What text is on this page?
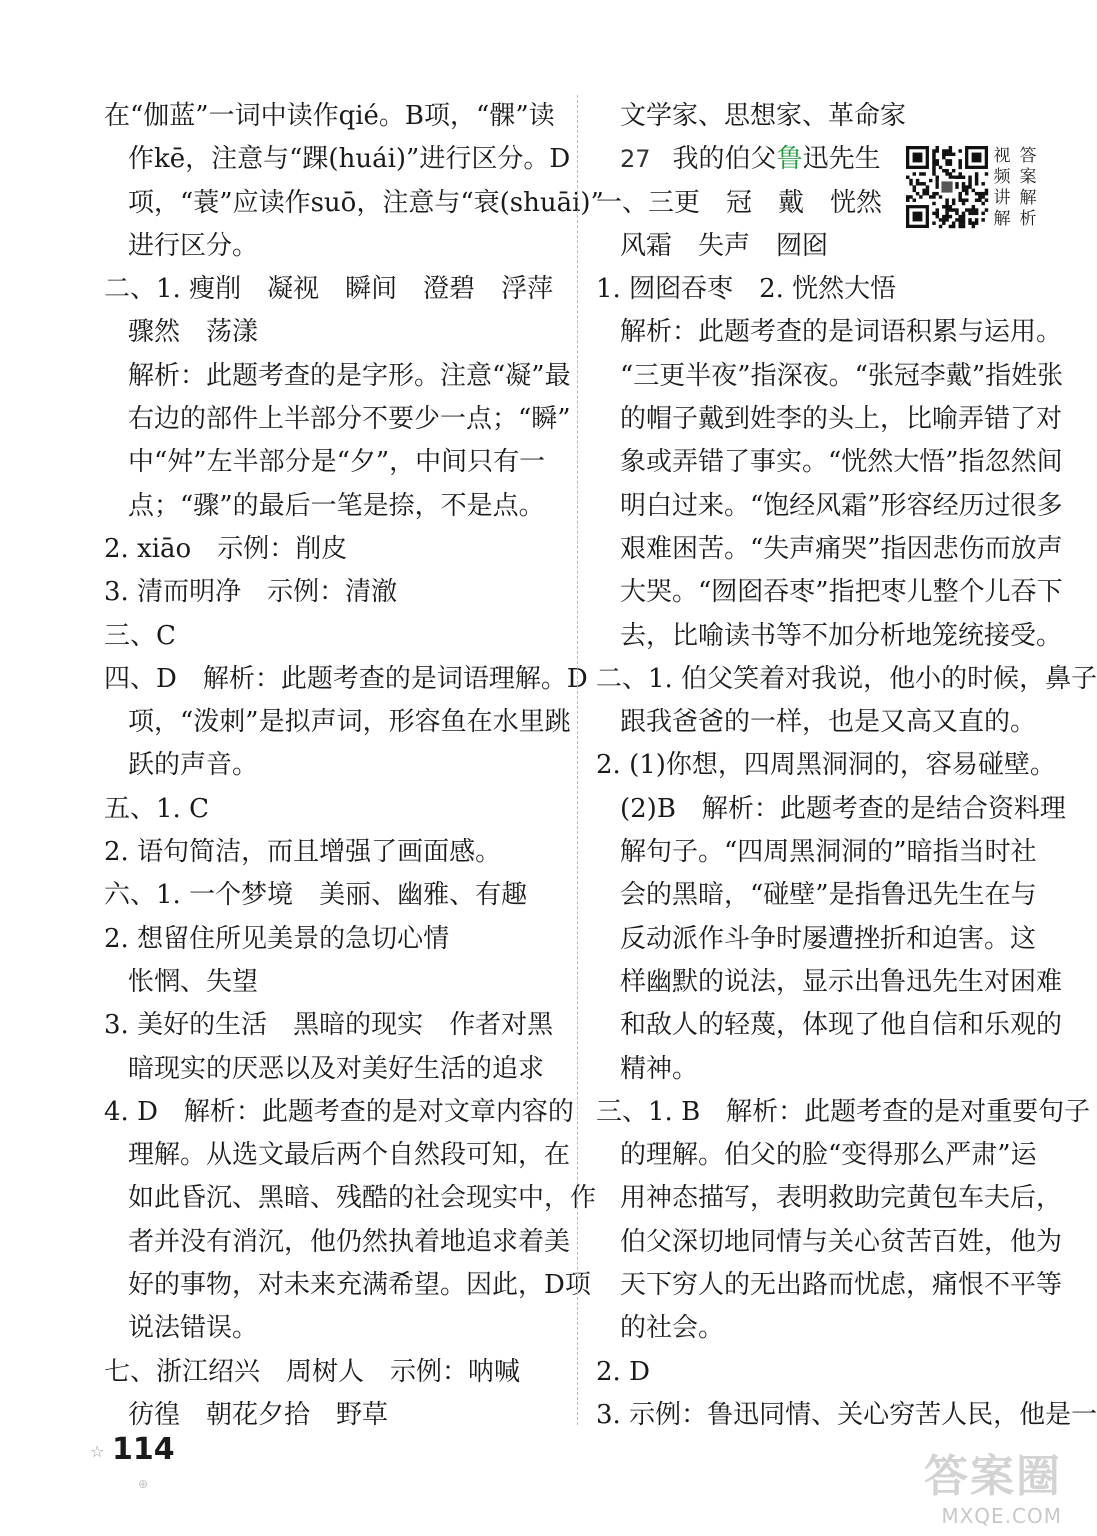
在“伽蓝”一词中读作qié。B项，“髁”读
作kē，注意与“踝(huái)”进行区分。D
项，“蓑”应读作suō，注意与“衰(shuāi)”
进行区分。
二、1. 瘦削　凝视　瞬间　澄碧　浮萍
骤然　荡漾
解析：此题考查的是字形。注意“凝”最
右边的部件上半部分不要少一点；“瞬”
中“舛”左半部分是“夕”，中间只有一
点；“骤”的最后一笔是捺，不是点。
2. xiāo　示例：削皮
3. 清而明净　示例：清澈
三、C
四、D　解析：此题考查的是词语理解。D
项，“泼刺”是拟声词，形容鱼在水里跳
跃的声音。
五、1. C
2. 语句简洁，而且增强了画面感。
六、1. 一个梦境　美丽、幽雅、有趣
2. 想留住所见美景的急切心情
怅惘、失望
3. 美好的生活　黑暗的现实　作者对黑
暗现实的厌恶以及对美好生活的追求
4. D　解析：此题考查的是对文章内容的
理解。从选文最后两个自然段可知，在
如此昏沉、黑暗、残酷的社会现实中，作
者并没有消沉，他仍然执着地追求着美
好的事物，对未来充满希望。因此，D项
说法错误。
七、浙江绍兴　周树人　示例：呐喊
彷徨　朝花夕拾　野草
文学家、思想家、革命家
27 我的伯父鲁迅先生
一、三更　冠　戴　恍然
风霜　失声　囫囵
1. 囫囵吞枣　2. 恍然大悟
解析：此题考查的是词语积累与运用。
“三更半夜”指深夜。“张冠李戴”指姓张
的帽子戴到姓李的头上，比喻弄错了对
象或弄错了事实。“恍然大悟”指忽然间
明白过来。“饱经风霜”形容经历过很多
艰难困苦。“失声痛哭”指因悲伤而放声
大哭。“囫囵吞枣”指把枣儿整个儿吞下
去，比喻读书等不加分析地笼统接受。
二、1. 伯父笑着对我说，他小的时候，鼻子
跟我爸爸的一样，也是又高又直的。
2. (1)你想，四周黑洞洞的，容易碰壁。
(2)B　解析：此题考查的是结合资料理
解句子。“四周黑洞洞的”暗指当时社
会的黑暗，“碰壁”是指鲁迅先生在与
反动派作斗争时屡遭挫折和迫害。这
样幽默的说法，显示出鲁迅先生对困难
和敌人的轻蔑，体现了他自信和乐观的
精神。
三、1. B　解析：此题考查的是对重要句子
的理解。伯父的脸“变得那么严肃”运
用神态描写，表明救助完黄包车夫后，
伯父深切地同情与关心贫苦百姓，他为
天下穷人的无出路而忧虑，痛恨不平等
的社会。
2. D
3. 示例：鲁迅同情、关心穷苦人民，他是一
视
频
讲
解
答
案
解
析
☆ 114
⊕	答案圈
MXQE.COM
